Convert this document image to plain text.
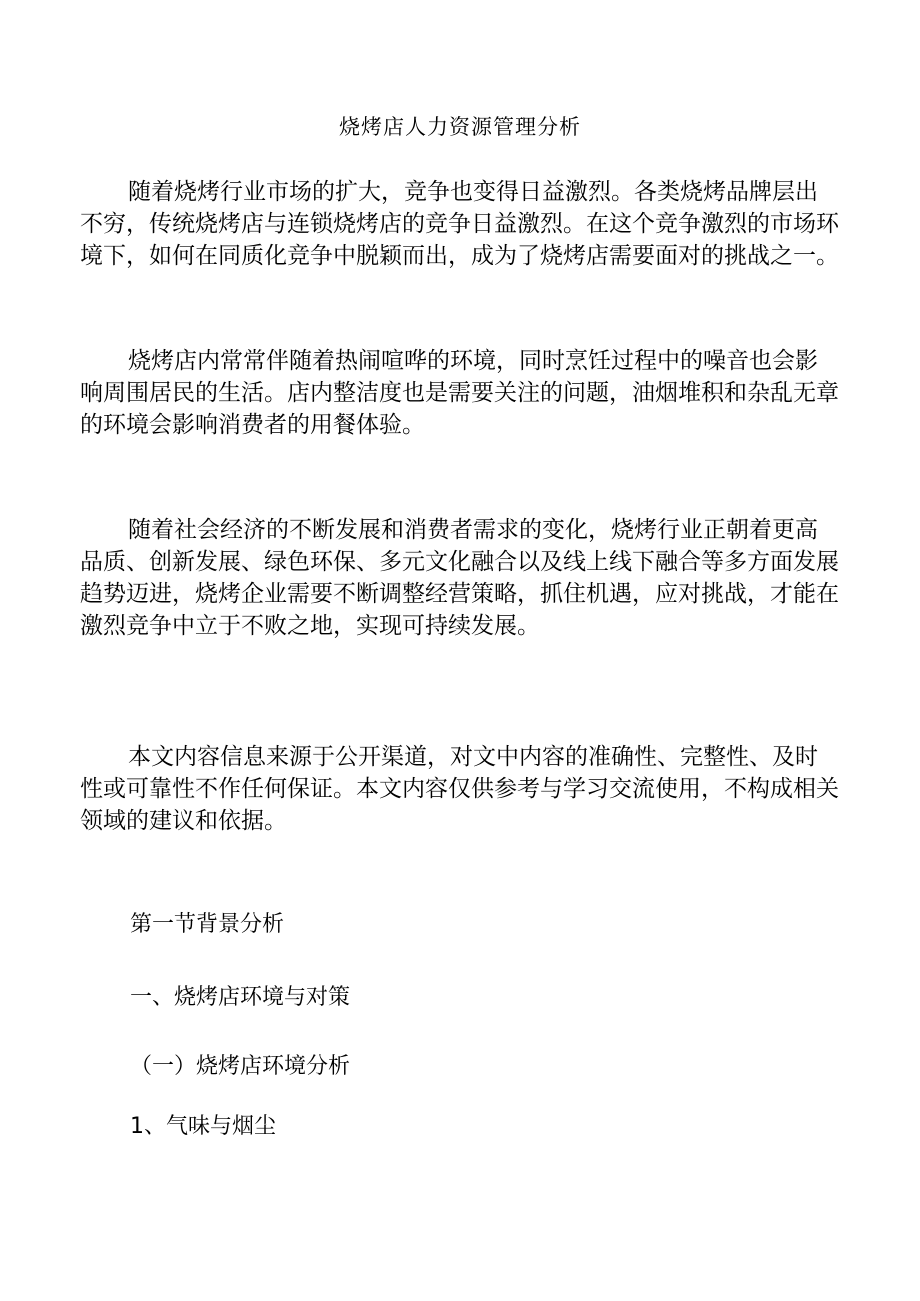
烧烤店人力资源管理分析
随着烧烤行业市场的扩大，竞争也变得日益激烈。各类烧烤品牌层出
不穷，传统烧烤店与连锁烧烤店的竞争日益激烈。在这个竞争激烈的市场环
境下，如何在同质化竞争中脱颖而出，成为了烧烤店需要面对的挑战之一。
烧烤店内常常伴随着热闹喧哗的环境，同时烹饪过程中的噪音也会影
响周围居民的生活。店内整洁度也是需要关注的问题，油烟堆积和杂乱无章
的环境会影响消费者的用餐体验。
随着社会经济的不断发展和消费者需求的变化，烧烤行业正朝着更高
品质、创新发展、绿色环保、多元文化融合以及线上线下融合等多方面发展
趋势迈进，烧烤企业需要不断调整经营策略，抓住机遇，应对挑战，才能在
激烈竞争中立于不败之地，实现可持续发展。
本文内容信息来源于公开渠道，对文中内容的准确性、完整性、及时
性或可靠性不作任何保证。本文内容仅供参考与学习交流使用，不构成相关
领域的建议和依据。
第一节背景分析
一、烧烤店环境与对策
（一）烧烤店环境分析
1、气味与烟尘
